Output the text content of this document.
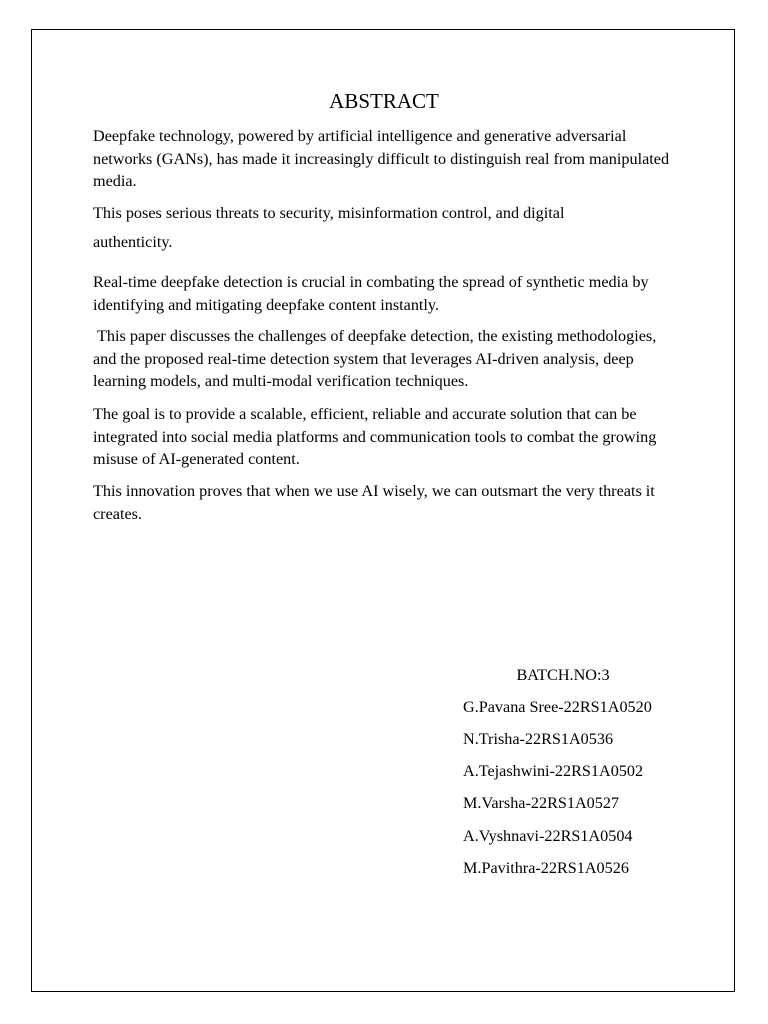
ABSTRACT

Deepfake technology, powered by artificial intelligence and generative adversarial networks (GANs), has made it increasingly difficult to distinguish real from manipulated media.

This poses serious threats to security, misinformation control, and digital

authenticity.

Real-time deepfake detection is crucial in combating the spread of synthetic media by identifying and mitigating deepfake content instantly.

This paper discusses the challenges of deepfake detection, the existing methodologies, and the proposed real-time detection system that leverages AI-driven analysis, deep learning models, and multi-modal verification techniques.

The goal is to provide a scalable, efficient, reliable and accurate solution that can be integrated into social media platforms and communication tools to combat the growing misuse of AI-generated content.

This innovation proves that when we use AI wisely, we can outsmart the very threats it creates.

BATCH.NO:3

G.Pavana Sree-22RS1A0520

N.Trisha-22RS1A0536

A.Tejashwini-22RS1A0502

M.Varsha-22RS1A0527

A.Vyshnavi-22RS1A0504

M.Pavithra-22RS1A0526
